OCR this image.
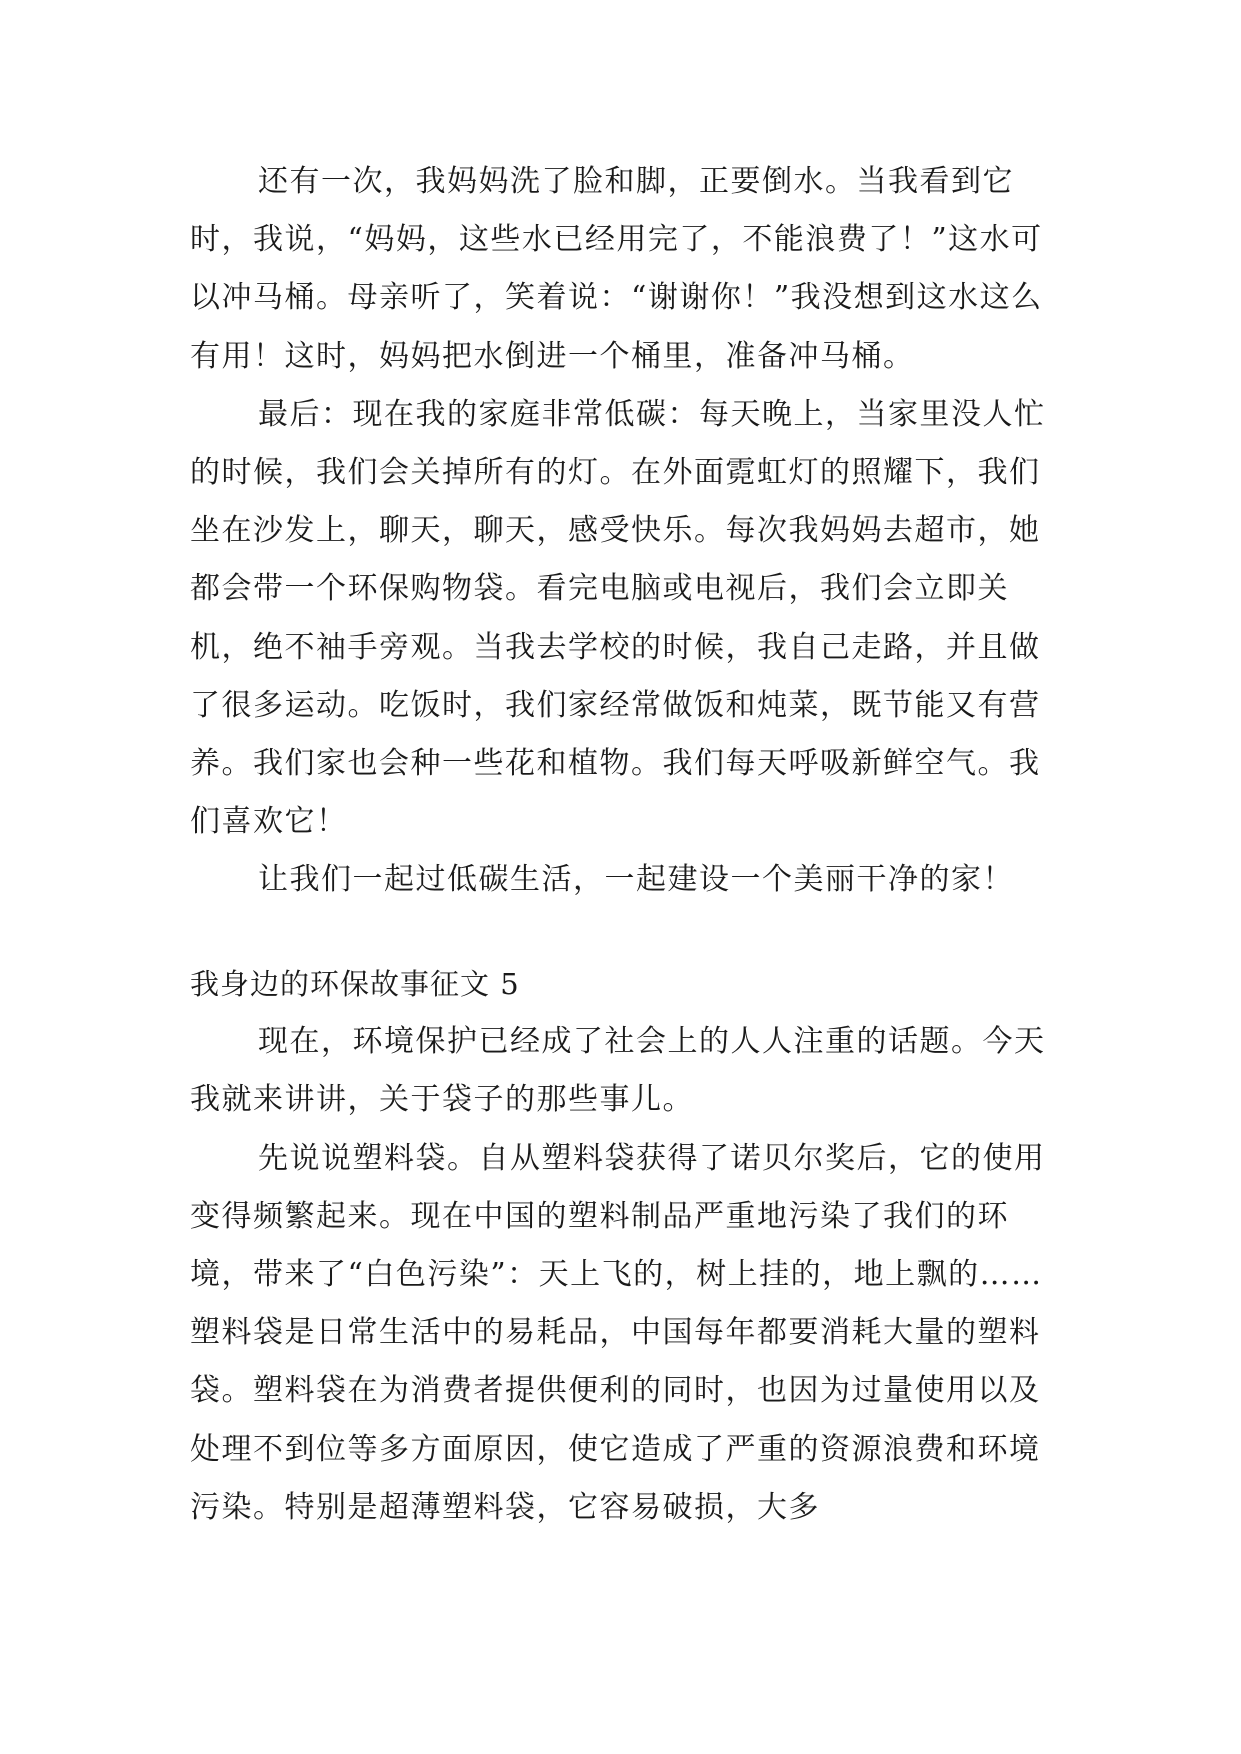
还有一次，我妈妈洗了脸和脚，正要倒水。当我看到它时，我说，“妈妈，这些水已经用完了，不能浪费了！”这水可以冲马桶。母亲听了，笑着说：“谢谢你！”我没想到这水这么有用！这时，妈妈把水倒进一个桶里，准备冲马桶。

最后：现在我的家庭非常低碳：每天晚上，当家里没人忙的时候，我们会关掉所有的灯。在外面霓虹灯的照耀下，我们坐在沙发上，聊天，聊天，感受快乐。每次我妈妈去超市，她都会带一个环保购物袋。看完电脑或电视后，我们会立即关机，绝不袖手旁观。当我去学校的时候，我自己走路，并且做了很多运动。吃饭时，我们家经常做饭和炖菜，既节能又有营养。我们家也会种一些花和植物。我们每天呼吸新鲜空气。我们喜欢它！

让我们一起过低碳生活，一起建设一个美丽干净的家！

我身边的环保故事征文 5

现在，环境保护已经成了社会上的人人注重的话题。今天我就来讲讲，关于袋子的那些事儿。

先说说塑料袋。自从塑料袋获得了诺贝尔奖后，它的使用变得频繁起来。现在中国的塑料制品严重地污染了我们的环境，带来了“白色污染”：天上飞的，树上挂的，地上飘的……塑料袋是日常生活中的易耗品，中国每年都要消耗大量的塑料袋。塑料袋在为消费者提供便利的同时，也因为过量使用以及处理不到位等多方面原因，使它造成了严重的资源浪费和环境污染。特别是超薄塑料袋，它容易破损，大多
